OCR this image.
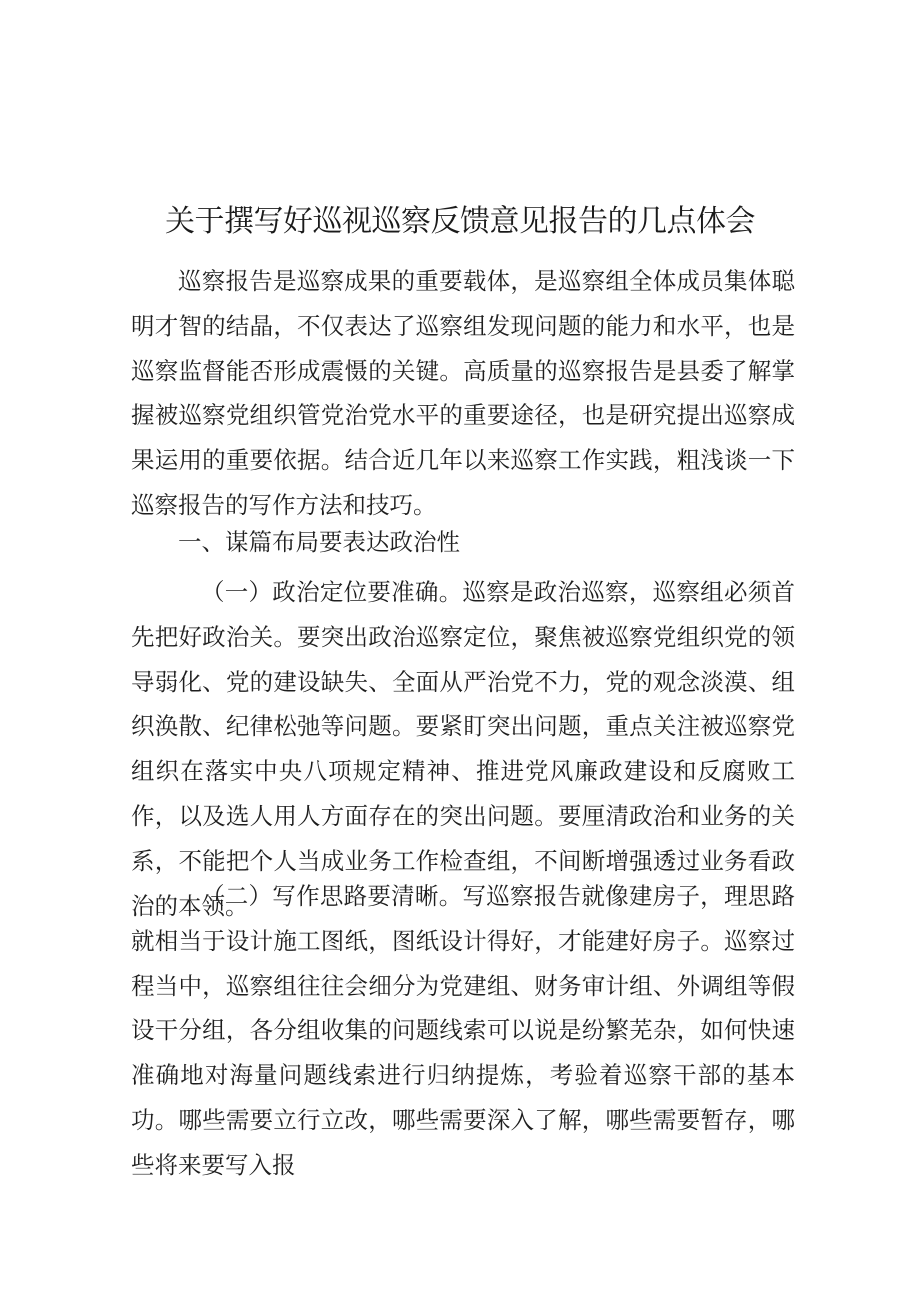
关于撰写好巡视巡察反馈意见报告的几点体会

巡察报告是巡察成果的重要载体，是巡察组全体成员集体聪明才智的结晶，不仅表达了巡察组发现问题的能力和水平，也是巡察监督能否形成震慑的关键。高质量的巡察报告是县委了解掌握被巡察党组织管党治党水平的重要途径，也是研究提出巡察成果运用的重要依据。结合近几年以来巡察工作实践，粗浅谈一下巡察报告的写作方法和技巧。

一、谋篇布局要表达政治性

（一）政治定位要准确。巡察是政治巡察，巡察组必须首先把好政治关。要突出政治巡察定位，聚焦被巡察党组织党的领导弱化、党的建设缺失、全面从严治党不力，党的观念淡漠、组织涣散、纪律松弛等问题。要紧盯突出问题，重点关注被巡察党组织在落实中央八项规定精神、推进党风廉政建设和反腐败工作，以及选人用人方面存在的突出问题。要厘清政治和业务的关系，不能把个人当成业务工作检查组，不间断增强透过业务看政治的本领。

（二）写作思路要清晰。写巡察报告就像建房子，理思路就相当于设计施工图纸，图纸设计得好，才能建好房子。巡察过程当中，巡察组往往会细分为党建组、财务审计组、外调组等假设干分组，各分组收集的问题线索可以说是纷繁芜杂，如何快速准确地对海量问题线索进行归纳提炼，考验着巡察干部的基本功。哪些需要立行立改，哪些需要深入了解，哪些需要暂存，哪些将来要写入报
